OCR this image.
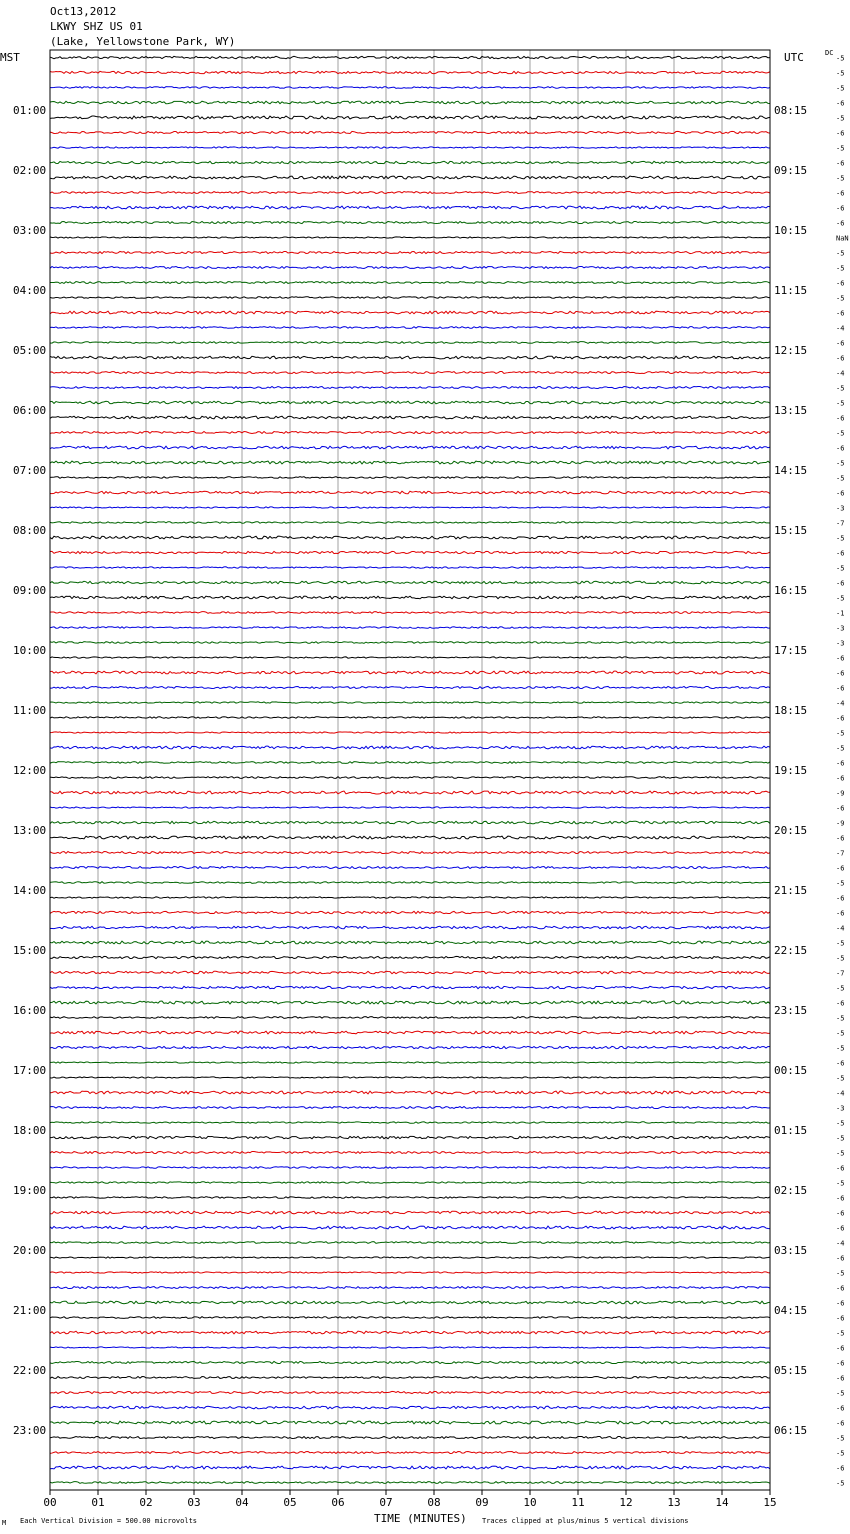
Oct13,2012
LKWY SHZ US 01
(Lake, Yellowstone Park, WY)
-5
-5
-5
-6
-5
-6
-5
-6
-5
-6
-6
-6
NaN
-5
-5
-6
-5
-6
-4
-6
-6
-4
-5
-5
-6
-5
-6
-5
-5
-6
-3
-7
-5
-6
-5
-6
-5
-1
-3
-3
-6
-6
-6
-4
-6
-5
-5
-6
-6
-9
-6
-9
-6
-7
-6
-5
-6
-6
-4
-5
-5
-7
-5
-6
-5
-5
-5
-6
-5
-4
-3
-5
-5
-5
-6
-5
-6
-6
-6
-4
-6
-5
-6
-6
-6
-5
-6
-6
-6
-5
-6
-6
-5
-5
-6
-5
DC
MST	UTC
01:00
02:00
03:00
04:00
05:00
06:00
07:00
08:00
09:00
10:00
11:00
12:00
13:00
14:00
15:00
16:00
17:00
18:00
19:00
20:00
21:00
22:00
23:00
08:15
09:15
10:15
11:15
12:15
13:15
14:15
15:15
16:15
17:15
18:15
19:15
20:15
21:15
22:15
23:15
00:15
01:15
02:15
03:15
04:15
05:15
06:15
00	01	02	03	04	05	06	07	08	09	10	11	12	13	14	15
TIME (MINUTES)
Each Vertical Division = 500.00 microvolts	Traces clipped at plus/minus 5 vertical divisions
M
